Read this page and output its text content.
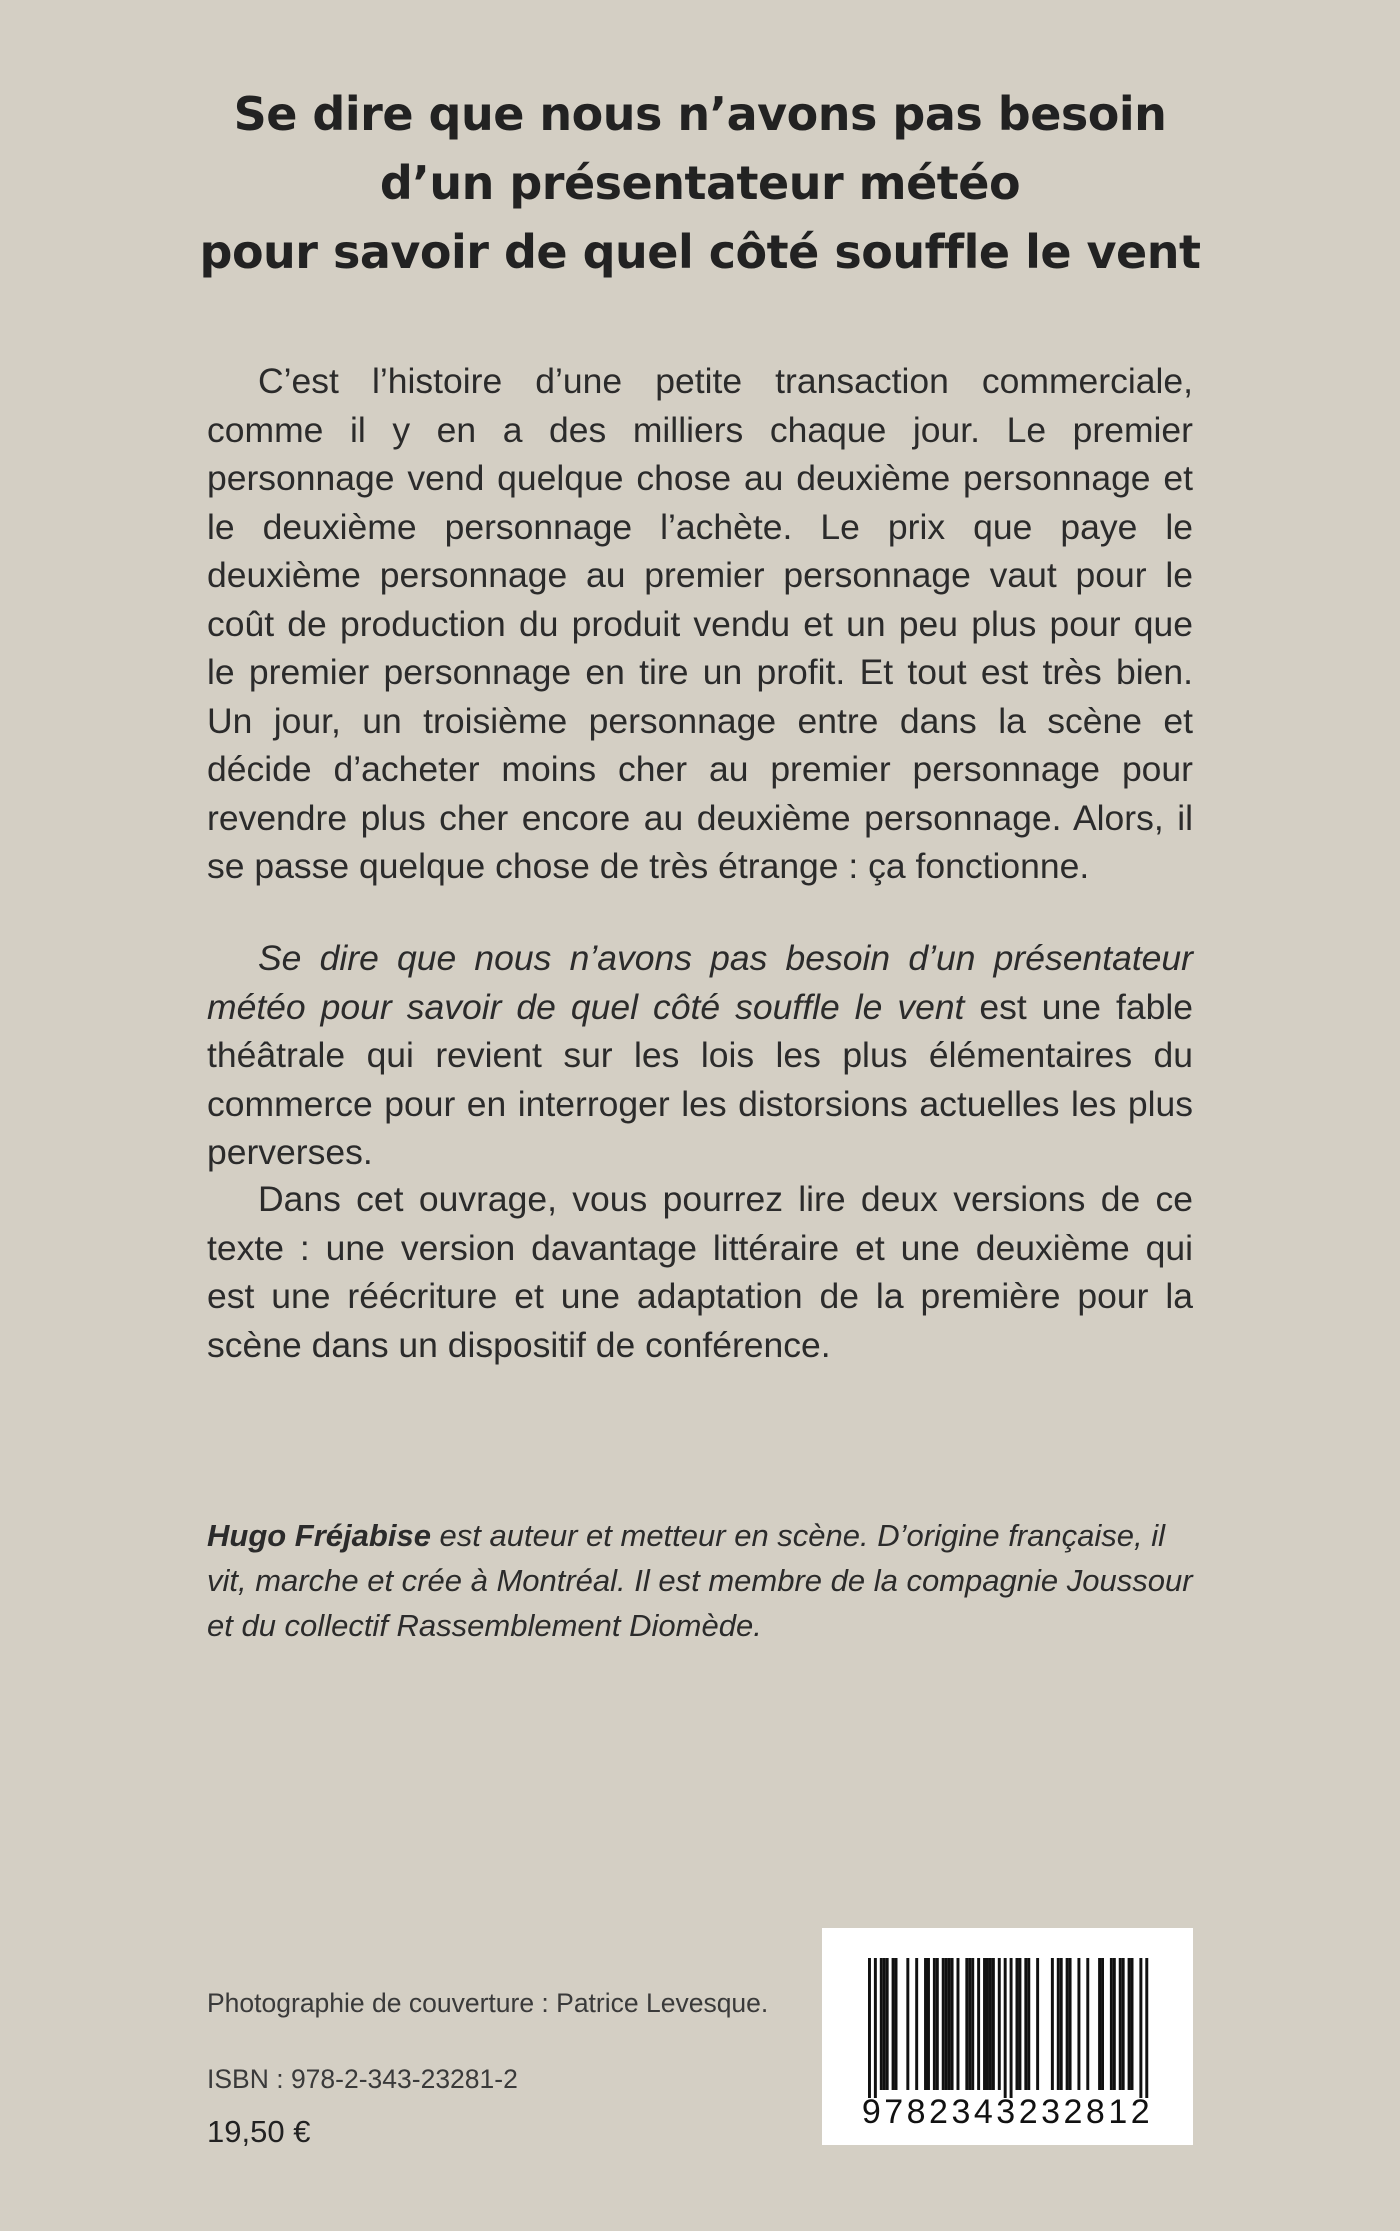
Se dire que nous n’avons pas besoin
d’un présentateur météo
pour savoir de quel côté souffle le vent

C’est l’histoire d’une petite transaction commerciale, comme il y en a des milliers chaque jour. Le premier personnage vend quelque chose au deuxième personnage et le deuxième personnage l’achète. Le prix que paye le deuxième personnage au premier personnage vaut pour le coût de production du produit vendu et un peu plus pour que le premier personnage en tire un profit. Et tout est très bien. Un jour, un troisième personnage entre dans la scène et décide d’acheter moins cher au premier personnage pour revendre plus cher encore au deuxième personnage. Alors, il se passe quelque chose de très étrange : ça fonctionne.

Se dire que nous n’avons pas besoin d’un présentateur météo pour savoir de quel côté souffle le vent est une fable théâtrale qui revient sur les lois les plus élémentaires du commerce pour en interroger les distorsions actuelles les plus perverses.

Dans cet ouvrage, vous pourrez lire deux versions de ce texte : une version davantage littéraire et une deuxième qui est une réécriture et une adaptation de la première pour la scène dans un dispositif de conférence.

Hugo Fréjabise est auteur et metteur en scène. D’origine française, il vit, marche et crée à Montréal. Il est membre de la compagnie Joussour et du collectif Rassemblement Diomède.
Photographie de couverture : Patrice Levesque.
ISBN : 978-2-343-23281-2
19,50 €
9782343232812
